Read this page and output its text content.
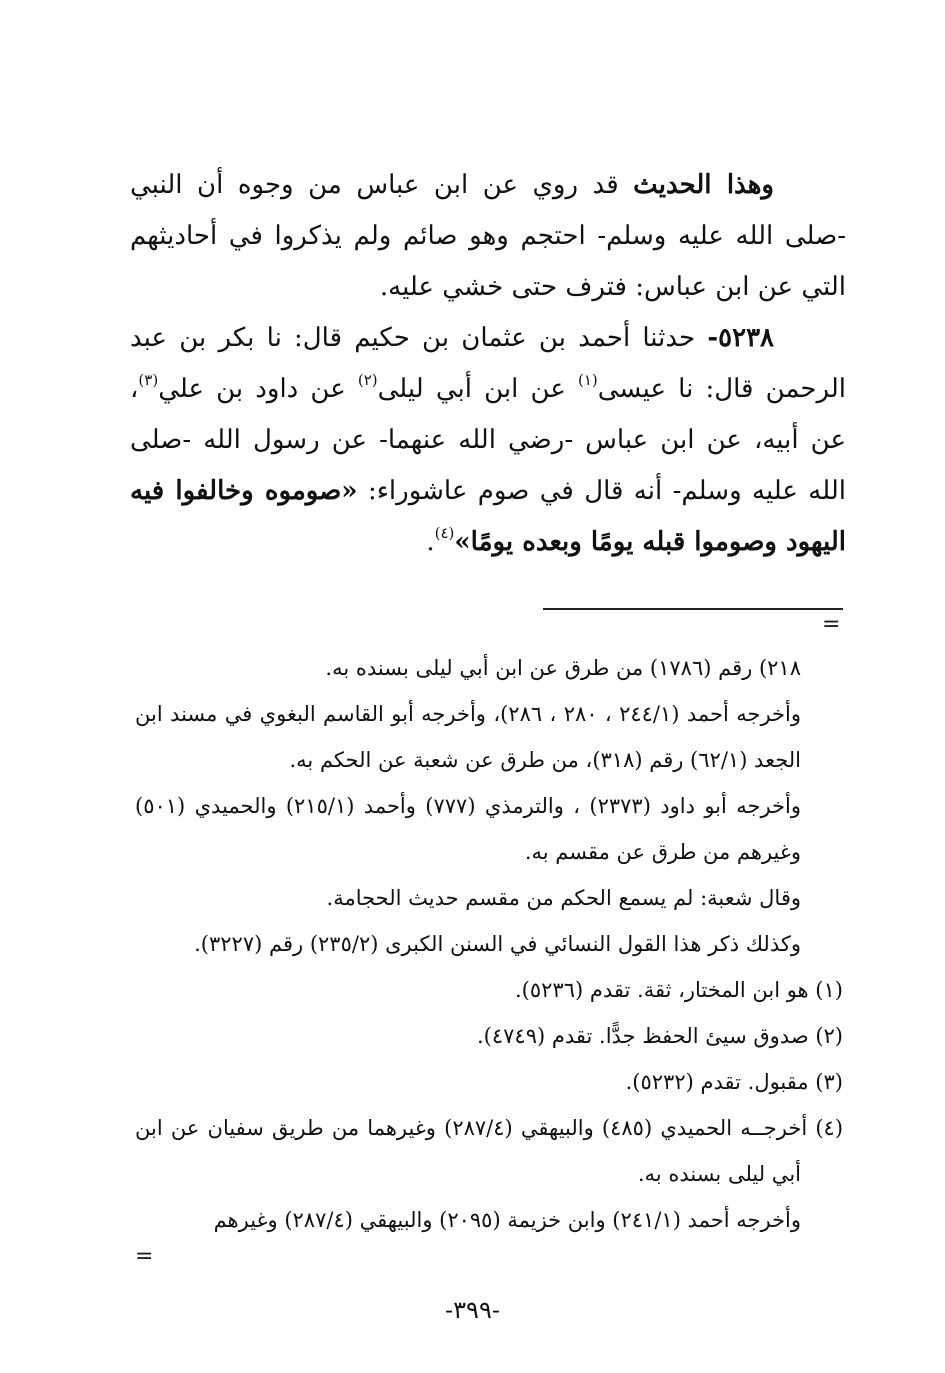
وهذا الحديث قد روي عن ابن عباس من وجوه أن النبي -صلى الله عليه وسلم- احتجم وهو صائم ولم يذكروا في أحاديثهم التي عن ابن عباس: فترف حتى خشي عليه.

٥٢٣٨- حدثنا أحمد بن عثمان بن حكيم قال: نا بكر بن عبد الرحمن قال: نا عيسى$^{(١)}$ عن ابن أبي ليلى$^{(٢)}$ عن داود بن علي$^{(٣)}$، عن أبيه، عن ابن عباس -رضي الله عنهما- عن رسول الله -صلى الله عليه وسلم- أنه قال في صوم عاشوراء: «صوموه وخالفوا فيه اليهود وصوموا قبله يومًا وبعده يومًا»$^{(٤)}$.

=

٢١٨) رقم (١٧٨٦) من طرق عن ابن أبي ليلى بسنده به.

وأخرجه أحمد (٢٤٤/١ ، ٢٨٠ ، ٢٨٦)، وأخرجه أبو القاسم البغوي في مسند ابن الجعد (٦٢/١) رقم (٣١٨)، من طرق عن شعبة عن الحكم به.

وأخرجه أبو داود (٢٣٧٣) ، والترمذي (٧٧٧) وأحمد (٢١٥/١) والحميدي (٥٠١) وغيرهم من طرق عن مقسم به.

وقال شعبة: لم يسمع الحكم من مقسم حديث الحجامة.

وكذلك ذكر هذا القول النسائي في السنن الكبرى (٢٣٥/٢) رقم (٣٢٢٧).

(١) هو ابن المختار، ثقة. تقدم (٥٢٣٦).

(٢) صدوق سيئ الحفظ جدًّا. تقدم (٤٧٤٩).

(٣) مقبول. تقدم (٥٢٣٢).

(٤) أخرجــه الحميدي (٤٨٥) والبيهقي (٢٨٧/٤) وغيرهما من طريق سفيان عن ابن أبي ليلى بسنده به.

وأخرجه أحمد (٢٤١/١) وابن خزيمة (٢٠٩٥) والبيهقي (٢٨٧/٤) وغيرهم

=
-٣٩٩-
